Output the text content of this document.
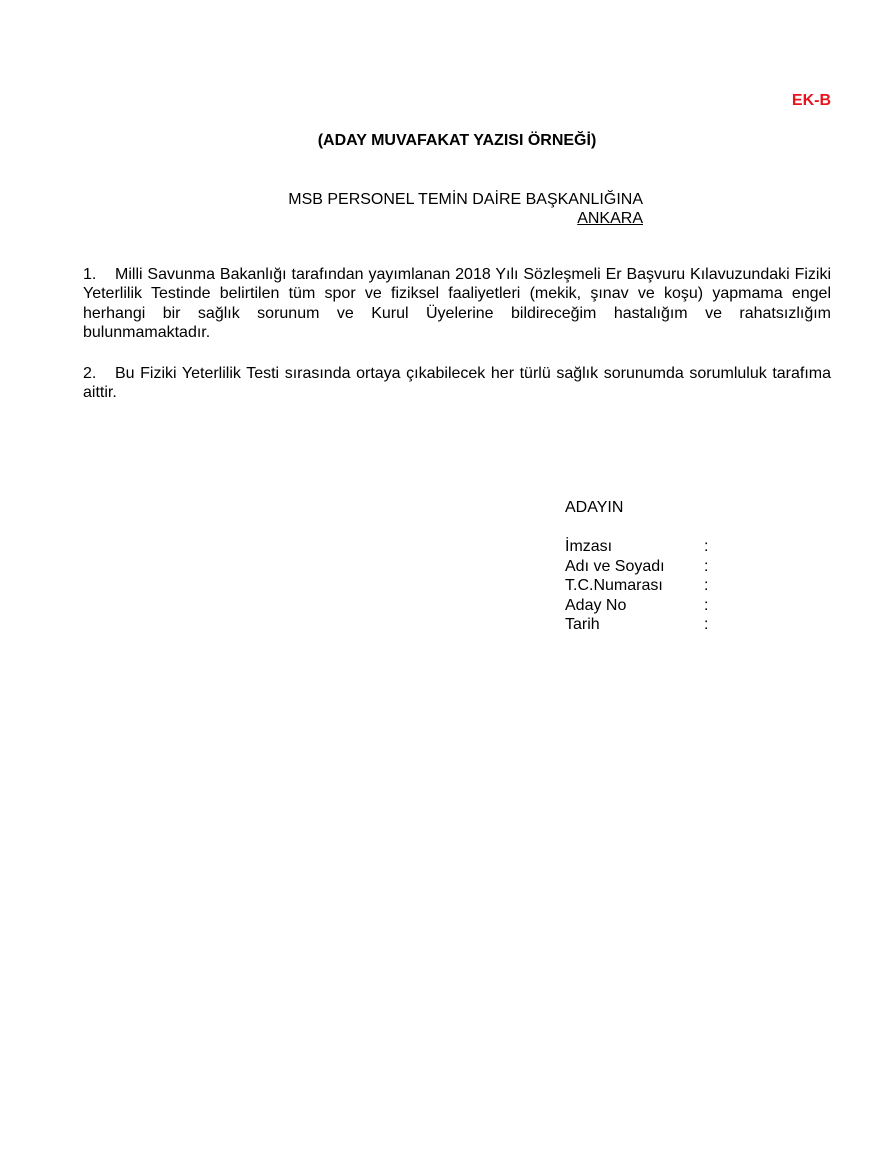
EK-B
(ADAY MUVAFAKAT YAZISI ÖRNEĞİ)
MSB PERSONEL TEMİN DAİRE BAŞKANLIĞINA
ANKARA
1. Milli Savunma Bakanlığı tarafından yayımlanan 2018 Yılı Sözleşmeli Er Başvuru Kılavuzundaki Fiziki Yeterlilik Testinde belirtilen tüm spor ve fiziksel faaliyetleri (mekik, şınav ve koşu) yapmama engel herhangi bir sağlık sorunum ve Kurul Üyelerine bildireceğim hastalığım ve rahatsızlığım bulunmamaktadır.
2. Bu Fiziki Yeterlilik Testi sırasında ortaya çıkabilecek her türlü sağlık sorunumda sorumluluk tarafıma aittir.
ADAYIN
İmzası	:
Adı ve Soyadı	:
T.C.Numarası	:
Aday No	:
Tarih	:
